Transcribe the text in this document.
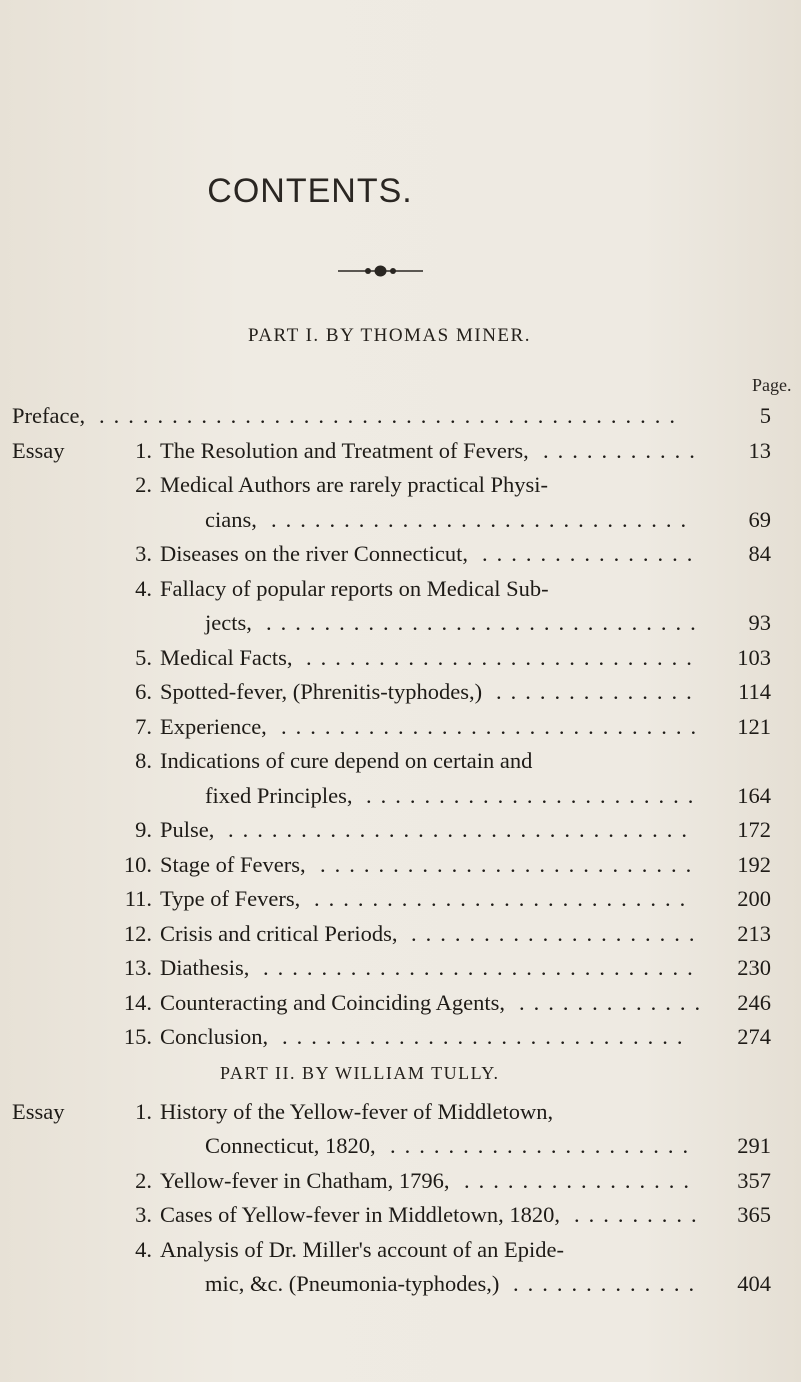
CONTENTS.
PART I. BY THOMAS MINER.
Page.
Preface,	5
........................................
Essay	1. The Resolution and Treatment of Fevers,	13
...........
2. Medical Authors are rarely practical Physi-
cians,	69
.............................
3. Diseases on the river Connecticut,	84
...............
4. Fallacy of popular reports on Medical Sub-
jects,	93
..............................
5. Medical Facts,	103
...........................
6. Spotted-fever, (Phrenitis-typhodes,)	114
..............
7. Experience,	121
.............................
8. Indications of cure depend on certain and
fixed Principles,	164
.......................
9. Pulse,	172
................................
10. Stage of Fevers,	192
..........................
11. Type of Fevers,	200
..........................
12. Crisis and critical Periods,	213
....................
13. Diathesis,	230
..............................
14. Counteracting and Coinciding Agents,	246
.............
15. Conclusion,	274
............................
PART II. BY WILLIAM TULLY.
Essay	1. History of the Yellow-fever of Middletown,
Connecticut, 1820,	291
.....................
2. Yellow-fever in Chatham, 1796,	357
................
3. Cases of Yellow-fever in Middletown, 1820,	365
.........
4. Analysis of Dr. Miller's account of an Epide-
mic, &c. (Pneumonia-typhodes,)	404
.............
